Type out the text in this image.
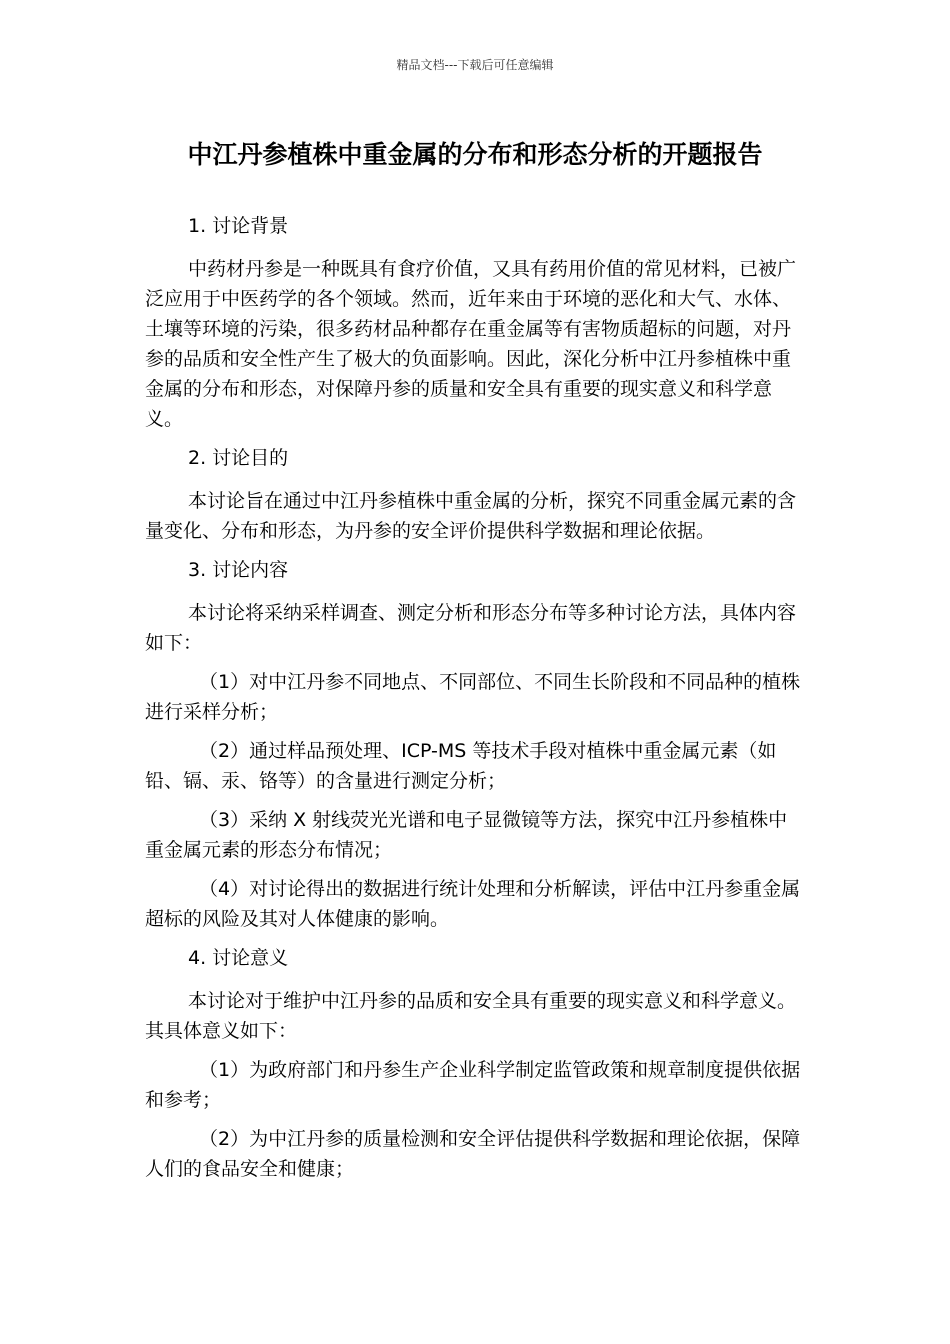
精品文档---下载后可任意编辑
中江丹参植株中重金属的分布和形态分析的开题报告

1. 讨论背景

中药材丹参是一种既具有食疗价值，又具有药用价值的常见材料，已被广泛应用于中医药学的各个领域。然而，近年来由于环境的恶化和大气、水体、土壤等环境的污染，很多药材品种都存在重金属等有害物质超标的问题，对丹参的品质和安全性产生了极大的负面影响。因此，深化分析中江丹参植株中重金属的分布和形态，对保障丹参的质量和安全具有重要的现实意义和科学意义。

2. 讨论目的

本讨论旨在通过中江丹参植株中重金属的分析，探究不同重金属元素的含量变化、分布和形态，为丹参的安全评价提供科学数据和理论依据。

3. 讨论内容

本讨论将采纳采样调查、测定分析和形态分布等多种讨论方法，具体内容如下：

（1）对中江丹参不同地点、不同部位、不同生长阶段和不同品种的植株进行采样分析；

（2）通过样品预处理、ICP-MS 等技术手段对植株中重金属元素（如铅、镉、汞、铬等）的含量进行测定分析；

（3）采纳 X 射线荧光光谱和电子显微镜等方法，探究中江丹参植株中重金属元素的形态分布情况；

（4）对讨论得出的数据进行统计处理和分析解读，评估中江丹参重金属超标的风险及其对人体健康的影响。

4. 讨论意义

本讨论对于维护中江丹参的品质和安全具有重要的现实意义和科学意义。其具体意义如下：

（1）为政府部门和丹参生产企业科学制定监管政策和规章制度提供依据和参考；

（2）为中江丹参的质量检测和安全评估提供科学数据和理论依据，保障人们的食品安全和健康；
